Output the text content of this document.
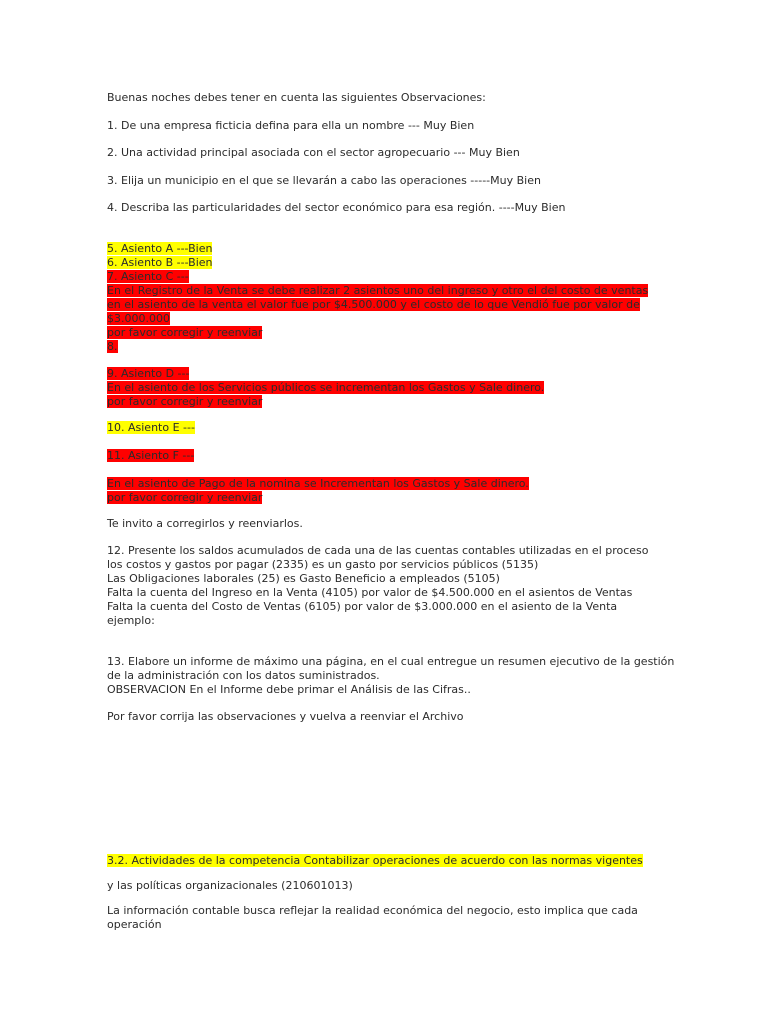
Buenas noches debes tener en cuenta las siguientes Observaciones:
1. De una empresa ficticia defina para ella un nombre --- Muy Bien
2. Una actividad principal asociada con el sector agropecuario --- Muy Bien
3. Elija un municipio en el que se llevarán a cabo las operaciones -----Muy Bien
4. Describa las particularidades del sector económico para esa región. ----Muy Bien
5. Asiento A ---Bien
6. Asiento B ---Bien
7. Asiento C ---
En el Registro de la Venta se debe realizar 2 asientos uno del ingreso y otro el del costo de ventas
en el asiento de la venta el valor fue por $4.500.000 y el costo de lo que Vendió fue por valor de
$3.000.000
por favor corregir y reenviar
8.
9. Asiento D ---
En el asiento de los Servicios públicos se incrementan los Gastos y Sale dinero.
por favor corregir y reenviar
10. Asiento E ---
11. Asiento F ---
En el asiento de Pago de la nomina se Incrementan los Gastos y Sale dinero.
por favor corregir y reenviar
Te invito a corregirlos y reenviarlos.
12. Presente los saldos acumulados de cada una de las cuentas contables utilizadas en el proceso
los costos y gastos por pagar (2335) es un gasto por servicios públicos (5135)
Las Obligaciones laborales (25) es Gasto Beneficio a empleados (5105)
Falta la cuenta del Ingreso en la Venta (4105) por valor de $4.500.000 en el asientos de Ventas
Falta la cuenta del Costo de Ventas (6105) por valor de $3.000.000 en el asiento de la Venta
ejemplo:
13. Elabore un informe de máximo una página, en el cual entregue un resumen ejecutivo de la gestión
de la administración con los datos suministrados.
OBSERVACION En el Informe debe primar el Análisis de las Cifras..
Por favor corrija las observaciones y vuelva a reenviar el Archivo
3.2. Actividades de la competencia Contabilizar operaciones de acuerdo con las normas vigentes
y las políticas organizacionales (210601013)
La información contable busca reflejar la realidad económica del negocio, esto implica que cada
operación
